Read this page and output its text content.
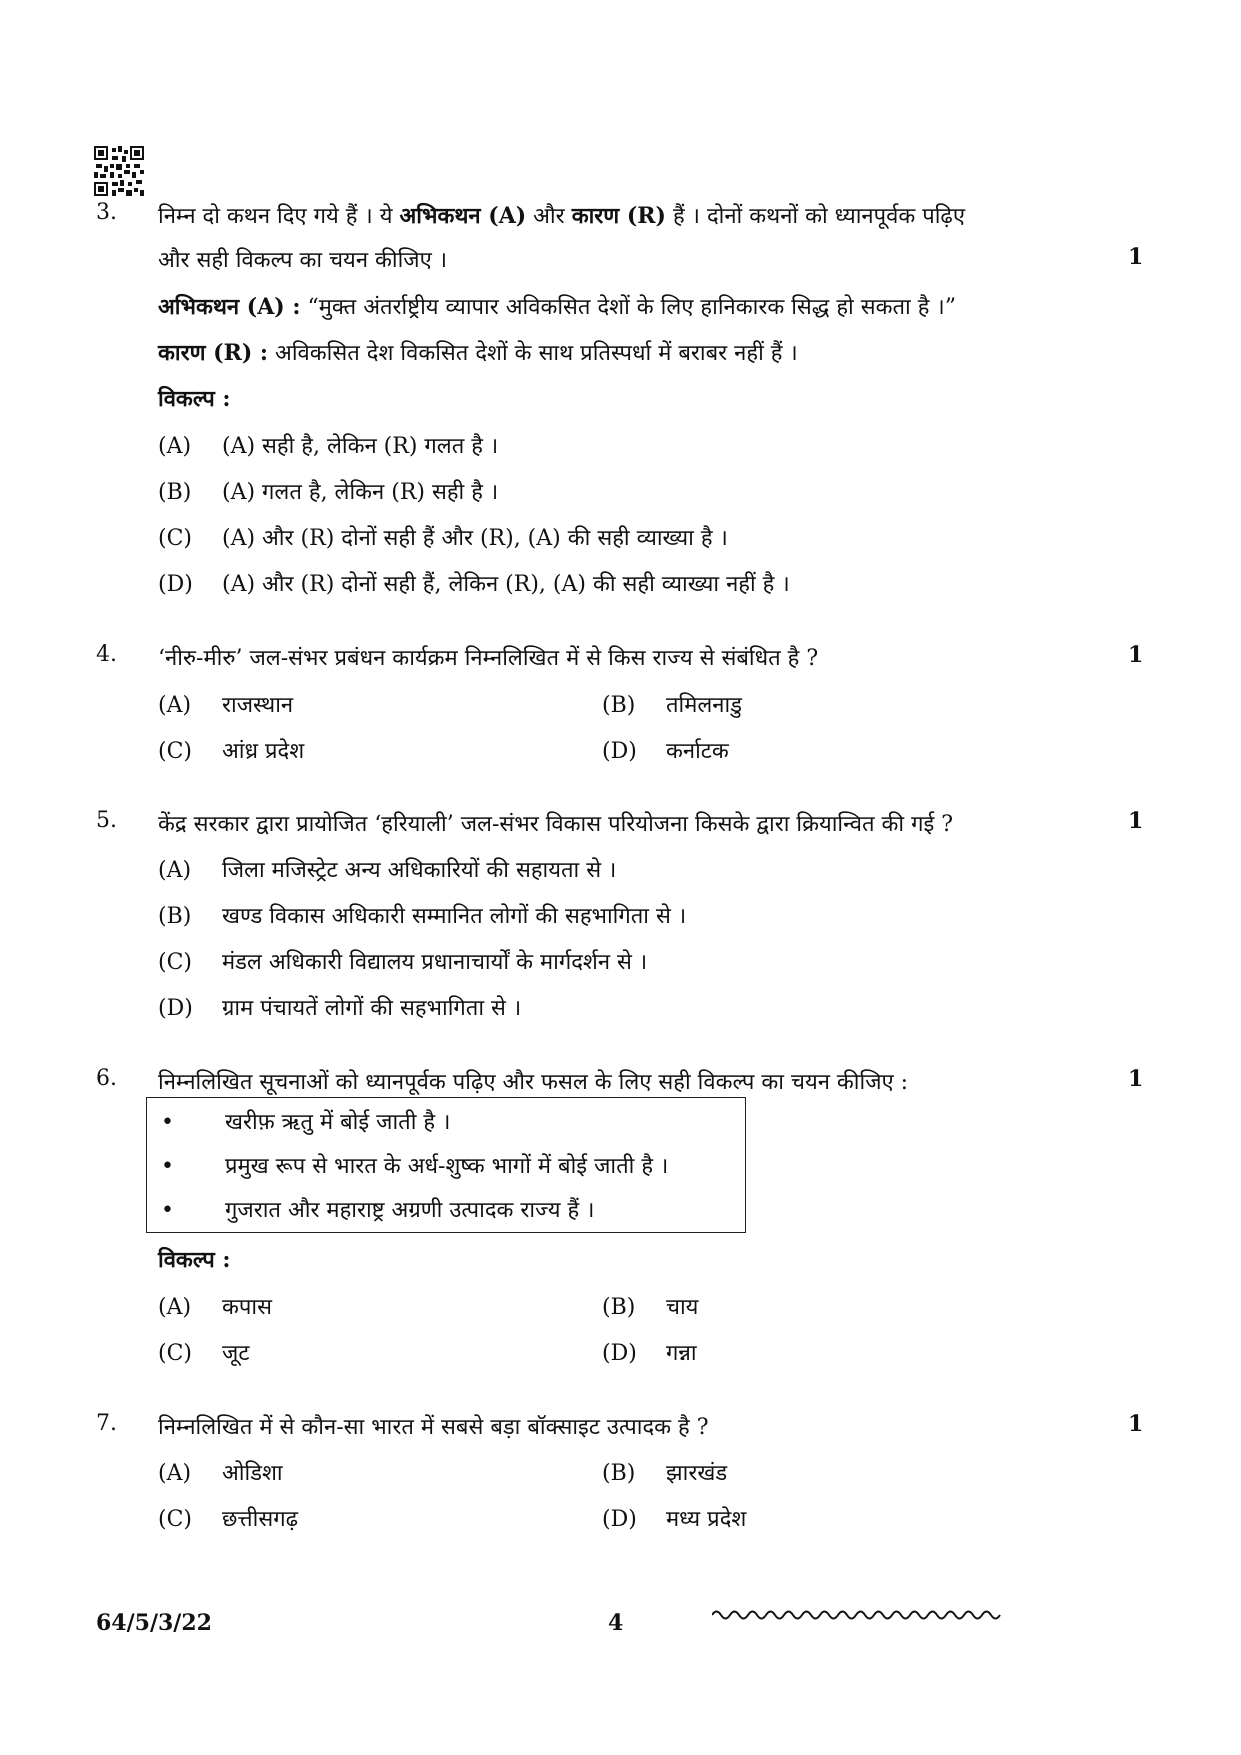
3.	निम्न दो कथन दिए गये हैं । ये अभिकथन (A) और कारण (R) हैं । दोनों कथनों को ध्यानपूर्वक पढ़िए
और सही विकल्प का चयन कीजिए ।	1
अभिकथन (A) : “मुक्त अंतर्राष्ट्रीय व्यापार अविकसित देशों के लिए हानिकारक सिद्ध हो सकता है ।”
कारण (R) : अविकसित देश विकसित देशों के साथ प्रतिस्पर्धा में बराबर नहीं हैं ।
विकल्प :
(A) (A) सही है, लेकिन (R) गलत है ।
(B) (A) गलत है, लेकिन (R) सही है ।
(C) (A) और (R) दोनों सही हैं और (R), (A) की सही व्याख्या है ।
(D) (A) और (R) दोनों सही हैं, लेकिन (R), (A) की सही व्याख्या नहीं है ।
4.	‘नीरु-मीरु’ जल-संभर प्रबंधन कार्यक्रम निम्नलिखित में से किस राज्य से संबंधित है ?	1
(A) राजस्थान	(B) तमिलनाडु
(C) आंध्र प्रदेश	(D) कर्नाटक
5.	केंद्र सरकार द्वारा प्रायोजित ‘हरियाली’ जल-संभर विकास परियोजना किसके द्वारा क्रियान्वित की गई ?	1
(A) जिला मजिस्ट्रेट अन्य अधिकारियों की सहायता से ।
(B) खण्ड विकास अधिकारी सम्मानित लोगों की सहभागिता से ।
(C) मंडल अधिकारी विद्यालय प्रधानाचार्यों के मार्गदर्शन से ।
(D) ग्राम पंचायतें लोगों की सहभागिता से ।
6.	निम्नलिखित सूचनाओं को ध्यानपूर्वक पढ़िए और फसल के लिए सही विकल्प का चयन कीजिए :	1
• खरीफ़ ऋतु में बोई जाती है ।
• प्रमुख रूप से भारत के अर्ध-शुष्क भागों में बोई जाती है ।
• गुजरात और महाराष्ट्र अग्रणी उत्पादक राज्य हैं ।
विकल्प :
(A) कपास	(B) चाय
(C) जूट	(D) गन्ना
7.	निम्नलिखित में से कौन-सा भारत में सबसे बड़ा बॉक्साइट उत्पादक है ?	1
(A) ओडिशा	(B) झारखंड
(C) छत्तीसगढ़	(D) मध्य प्रदेश
64/5/3/22	4
